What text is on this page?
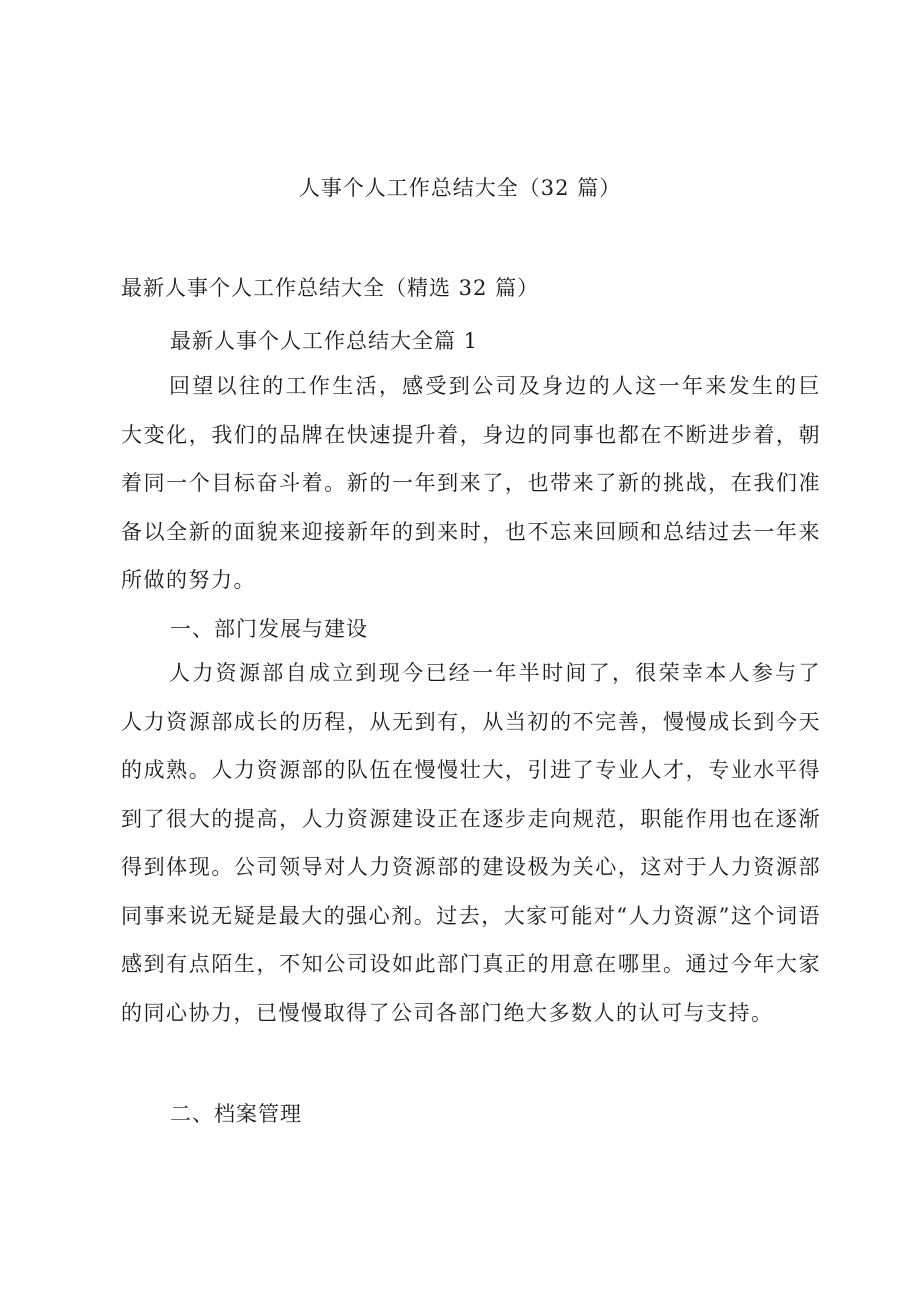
人事个人工作总结大全（32 篇）
最新人事个人工作总结大全（精选 32 篇）
最新人事个人工作总结大全篇 1

回望以往的工作生活，感受到公司及身边的人这一年来发生的巨大变化，我们的品牌在快速提升着，身边的同事也都在不断进步着，朝着同一个目标奋斗着。新的一年到来了，也带来了新的挑战，在我们准备以全新的面貌来迎接新年的到来时，也不忘来回顾和总结过去一年来所做的努力。

一、部门发展与建设

人力资源部自成立到现今已经一年半时间了，很荣幸本人参与了人力资源部成长的历程，从无到有，从当初的不完善，慢慢成长到今天的成熟。人力资源部的队伍在慢慢壮大，引进了专业人才，专业水平得到了很大的提高，人力资源建设正在逐步走向规范，职能作用也在逐渐得到体现。公司领导对人力资源部的建设极为关心，这对于人力资源部同事来说无疑是最大的强心剂。过去，大家可能对“人力资源”这个词语感到有点陌生，不知公司设如此部门真正的用意在哪里。通过今年大家的同心协力，已慢慢取得了公司各部门绝大多数人的认可与支持。

二、档案管理
